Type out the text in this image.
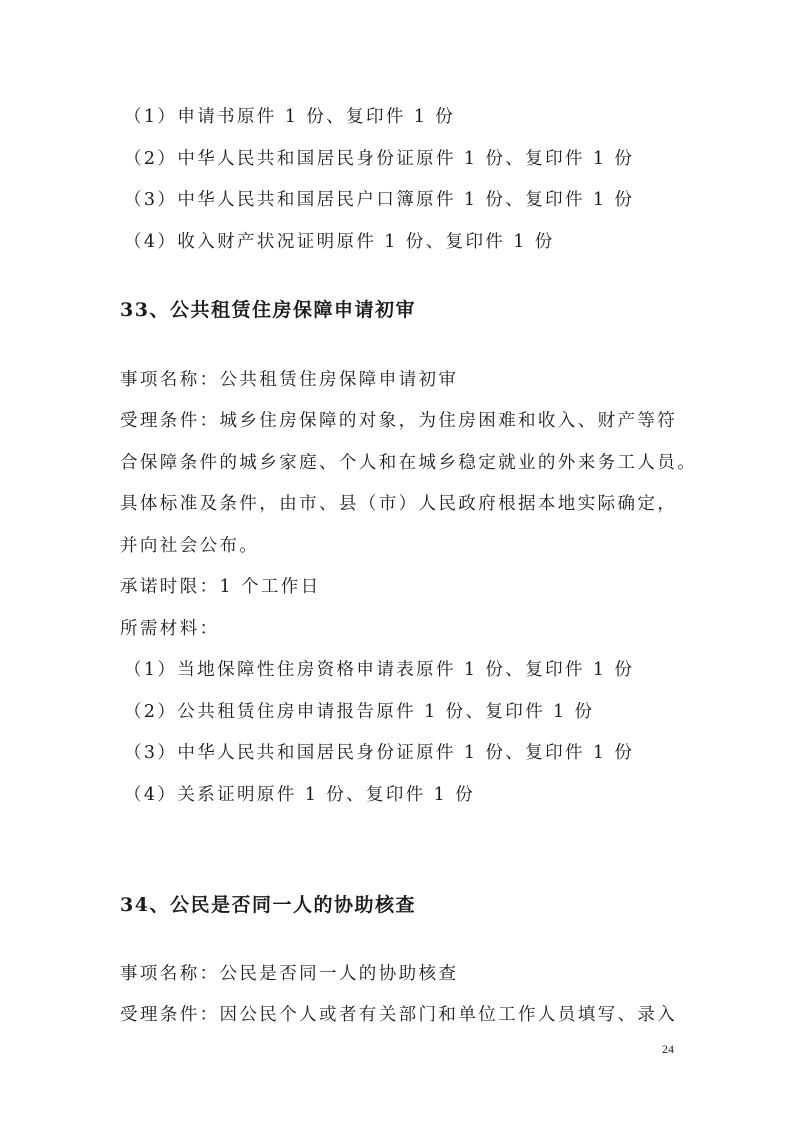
（1）申请书原件 1 份、复印件 1 份
（2）中华人民共和国居民身份证原件 1 份、复印件 1 份
（3）中华人民共和国居民户口簿原件 1 份、复印件 1 份
（4）收入财产状况证明原件 1 份、复印件 1 份
33、公共租赁住房保障申请初审
事项名称：公共租赁住房保障申请初审
受理条件：城乡住房保障的对象，为住房困难和收入、财产等符
合保障条件的城乡家庭、个人和在城乡稳定就业的外来务工人员。
具体标准及条件，由市、县（市）人民政府根据本地实际确定，
并向社会公布。
承诺时限：1 个工作日
所需材料：
（1）当地保障性住房资格申请表原件 1 份、复印件 1 份
（2）公共租赁住房申请报告原件 1 份、复印件 1 份
（3）中华人民共和国居民身份证原件 1 份、复印件 1 份
（4）关系证明原件 1 份、复印件 1 份
34、公民是否同一人的协助核查
事项名称：公民是否同一人的协助核查
受理条件：因公民个人或者有关部门和单位工作人员填写、录入
24
